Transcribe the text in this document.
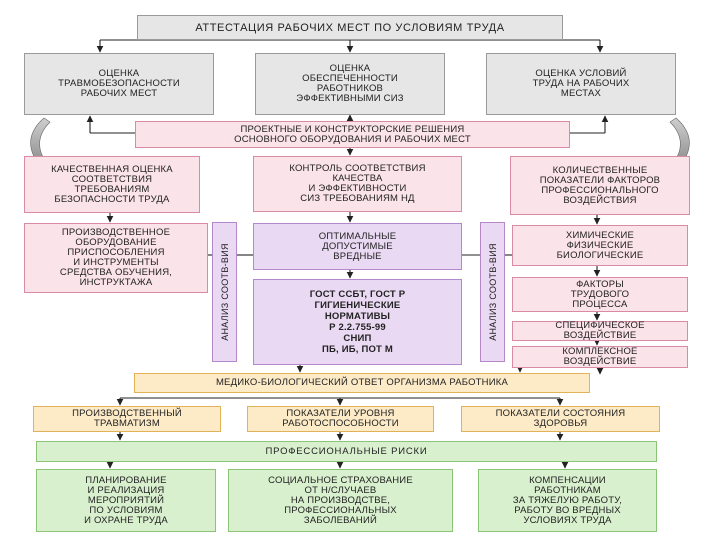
АТТЕСТАЦИЯ РАБОЧИХ МЕСТ ПО УСЛОВИЯМ ТРУДА
ОЦЕНКА
ТРАВМОБЕЗОПАСНОСТИ
РАБОЧИХ МЕСТ
ОЦЕНКА
ОБЕСПЕЧЕННОСТИ
РАБОТНИКОВ
ЭФФЕКТИВНЫМИ СИЗ
ОЦЕНКА УСЛОВИЙ
ТРУДА НА РАБОЧИХ
МЕСТАХ
ПРОЕКТНЫЕ И КОНСТРУКТОРСКИЕ РЕШЕНИЯ
ОСНОВНОГО ОБОРУДОВАНИЯ И РАБОЧИХ МЕСТ
КАЧЕСТВЕННАЯ ОЦЕНКА
СООТВЕТСТВИЯ
ТРЕБОВАНИЯМ
БЕЗОПАСНОСТИ ТРУДА
КОНТРОЛЬ СООТВЕТСТВИЯ
КАЧЕСТВА
И ЭФФЕКТИВНОСТИ
СИЗ ТРЕБОВАНИЯМ НД
КОЛИЧЕСТВЕННЫЕ
ПОКАЗАТЕЛИ ФАКТОРОВ
ПРОФЕССИОНАЛЬНОГО
ВОЗДЕЙСТВИЯ
ПРОИЗВОДСТВЕННОЕ
ОБОРУДОВАНИЕ
ПРИСПОСОБЛЕНИЯ
И ИНСТРУМЕНТЫ
СРЕДСТВА ОБУЧЕНИЯ,
ИНСТРУКТАЖА	АНАЛИЗ СООТВ-ВИЯ	АНАЛИЗ СООТВ-ВИЯ
ОПТИМАЛЬНЫЕ
ДОПУСТИМЫЕ
ВРЕДНЫЕ
ГОСТ ССБТ, ГОСТ Р
ГИГИЕНИЧЕСКИЕ
НОРМАТИВЫ
Р 2.2.755-99
СНИП
ПБ, ИБ, ПОТ М
ХИМИЧЕСКИЕ
ФИЗИЧЕСКИЕ
БИОЛОГИЧЕСКИЕ
ФАКТОРЫ
ТРУДОВОГО
ПРОЦЕССА
СПЕЦИФИЧЕСКОЕ
ВОЗДЕЙСТВИЕ
КОМПЛЕКСНОЕ
ВОЗДЕЙСТВИЕ
МЕДИКО-БИОЛОГИЧЕСКИЙ ОТВЕТ ОРГАНИЗМА РАБОТНИКА
ПРОИЗВОДСТВЕННЫЙ
ТРАВМАТИЗМ
ПОКАЗАТЕЛИ УРОВНЯ
РАБОТОСПОСОБНОСТИ
ПОКАЗАТЕЛИ СОСТОЯНИЯ
ЗДОРОВЬЯ
ПРОФЕССИОНАЛЬНЫЕ РИСКИ
ПЛАНИРОВАНИЕ
И РЕАЛИЗАЦИЯ
МЕРОПРИЯТИЙ
ПО УСЛОВИЯМ
И ОХРАНЕ ТРУДА
СОЦИАЛЬНОЕ СТРАХОВАНИЕ
ОТ Н/СЛУЧАЕВ
НА ПРОИЗВОДСТВЕ,
ПРОФЕССИОНАЛЬНЫХ
ЗАБОЛЕВАНИЙ
КОМПЕНСАЦИИ
РАБОТНИКАМ
ЗА ТЯЖЕЛУЮ РАБОТУ,
РАБОТУ ВО ВРЕДНЫХ
УСЛОВИЯХ ТРУДА
